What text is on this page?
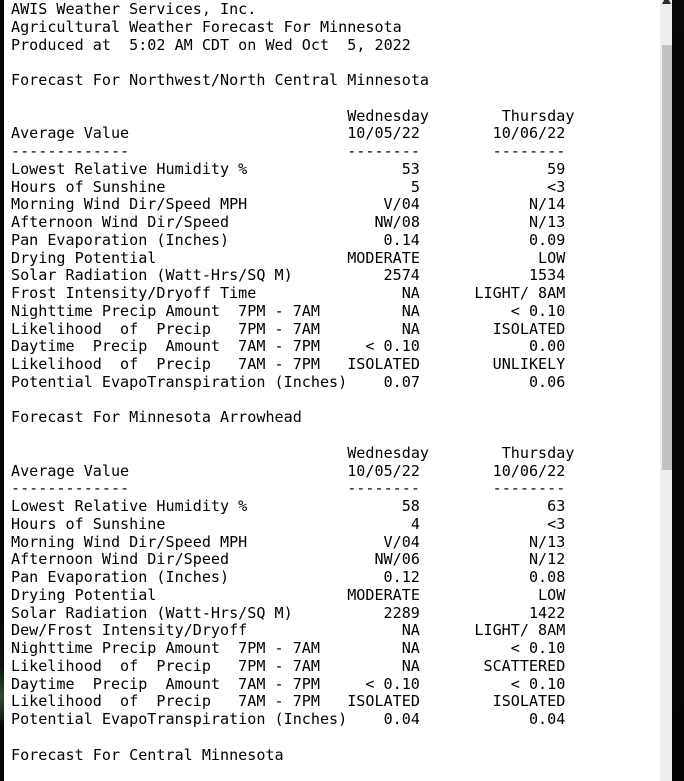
AWIS Weather Services, Inc.
Agricultural Weather Forecast For Minnesota
Produced at  5:02 AM CDT on Wed Oct  5, 2022
Forecast For Northwest/North Central Minnesota
Wednesday	Thursday
Average Value	10/05/22	10/06/22
-------------	--------	--------
Lowest Relative Humidity %	53	59
Hours of Sunshine	5	<3
Morning Wind Dir/Speed MPH	V/04	N/14
Afternoon Wind Dir/Speed	NW/08	N/13
Pan Evaporation (Inches)	0.14	0.09
Drying Potential	MODERATE	LOW
Solar Radiation (Watt-Hrs/SQ M)	2574	1534
Frost Intensity/Dryoff Time	NA	LIGHT/ 8AM
Nighttime Precip Amount  7PM - 7AM	NA	< 0.10
Likelihood  of  Precip   7PM - 7AM	NA	ISOLATED
Daytime  Precip  Amount  7AM - 7PM	< 0.10	0.00
Likelihood  of  Precip   7AM - 7PM	ISOLATED	UNLIKELY
Potential EvapoTranspiration (Inches)	0.07	0.06
Forecast For Minnesota Arrowhead
Wednesday	Thursday
Average Value	10/05/22	10/06/22
-------------	--------	--------
Lowest Relative Humidity %	58	63
Hours of Sunshine	4	<3
Morning Wind Dir/Speed MPH	V/04	N/13
Afternoon Wind Dir/Speed	NW/06	N/12
Pan Evaporation (Inches)	0.12	0.08
Drying Potential	MODERATE	LOW
Solar Radiation (Watt-Hrs/SQ M)	2289	1422
Dew/Frost Intensity/Dryoff	NA	LIGHT/ 8AM
Nighttime Precip Amount  7PM - 7AM	NA	< 0.10
Likelihood  of  Precip   7PM - 7AM	NA	SCATTERED
Daytime  Precip  Amount  7AM - 7PM	< 0.10	< 0.10
Likelihood  of  Precip   7AM - 7PM	ISOLATED	ISOLATED
Potential EvapoTranspiration (Inches)	0.04	0.04
Forecast For Central Minnesota
